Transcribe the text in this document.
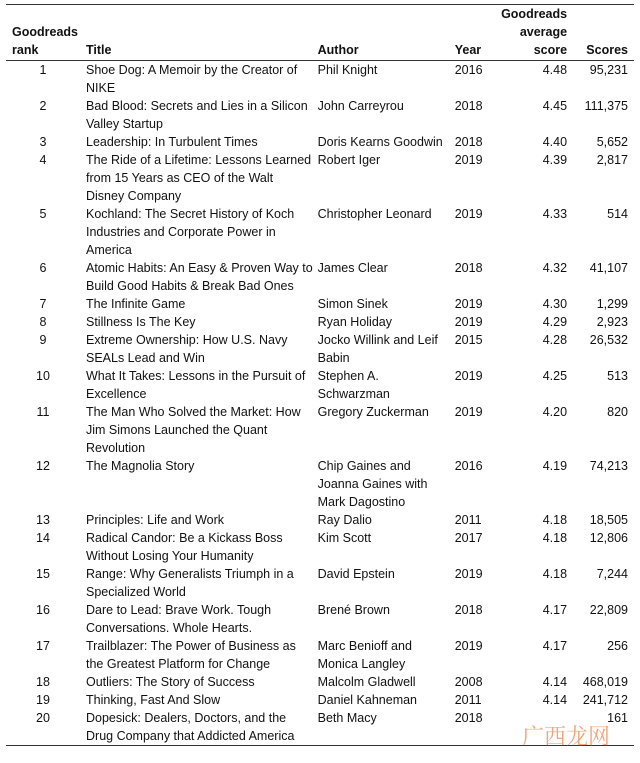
Goodreads rank	Title	Author	Year	Goodreads average score	Scores
1	Shoe Dog: A Memoir by the Creator of NIKE	Phil Knight	2016	4.48	95,231
2	Bad Blood: Secrets and Lies in a Silicon Valley Startup	John Carreyrou	2018	4.45	111,375
3	Leadership: In Turbulent Times	Doris Kearns Goodwin	2018	4.40	5,652
4	The Ride of a Lifetime: Lessons Learned from 15 Years as CEO of the Walt Disney Company	Robert Iger	2019	4.39	2,817
5	Kochland: The Secret History of Koch Industries and Corporate Power in America	Christopher Leonard	2019	4.33	514
6	Atomic Habits: An Easy & Proven Way to Build Good Habits & Break Bad Ones	James Clear	2018	4.32	41,107
7	The Infinite Game	Simon Sinek	2019	4.30	1,299
8	Stillness Is The Key	Ryan Holiday	2019	4.29	2,923
9	Extreme Ownership: How U.S. Navy SEALs Lead and Win	Jocko Willink and Leif Babin	2015	4.28	26,532
10	What It Takes: Lessons in the Pursuit of Excellence	Stephen A. Schwarzman	2019	4.25	513
11	The Man Who Solved the Market: How Jim Simons Launched the Quant Revolution	Gregory Zuckerman	2019	4.20	820
12	The Magnolia Story	Chip Gaines and Joanna Gaines with Mark Dagostino	2016	4.19	74,213
13	Principles: Life and Work	Ray Dalio	2011	4.18	18,505
14	Radical Candor: Be a Kickass Boss Without Losing Your Humanity	Kim Scott	2017	4.18	12,806
15	Range: Why Generalists Triumph in a Specialized World	David Epstein	2019	4.18	7,244
16	Dare to Lead: Brave Work. Tough Conversations. Whole Hearts.	Brené Brown	2018	4.17	22,809
17	Trailblazer: The Power of Business as the Greatest Platform for Change	Marc Benioff and Monica Langley	2019	4.17	256
18	Outliers: The Story of Success	Malcolm Gladwell	2008	4.14	468,019
19	Thinking, Fast And Slow	Daniel Kahneman	2011	4.14	241,712
20	Dopesick: Dealers, Doctors, and the Drug Company that Addicted America	Beth Macy	2018		161
广西龙网
